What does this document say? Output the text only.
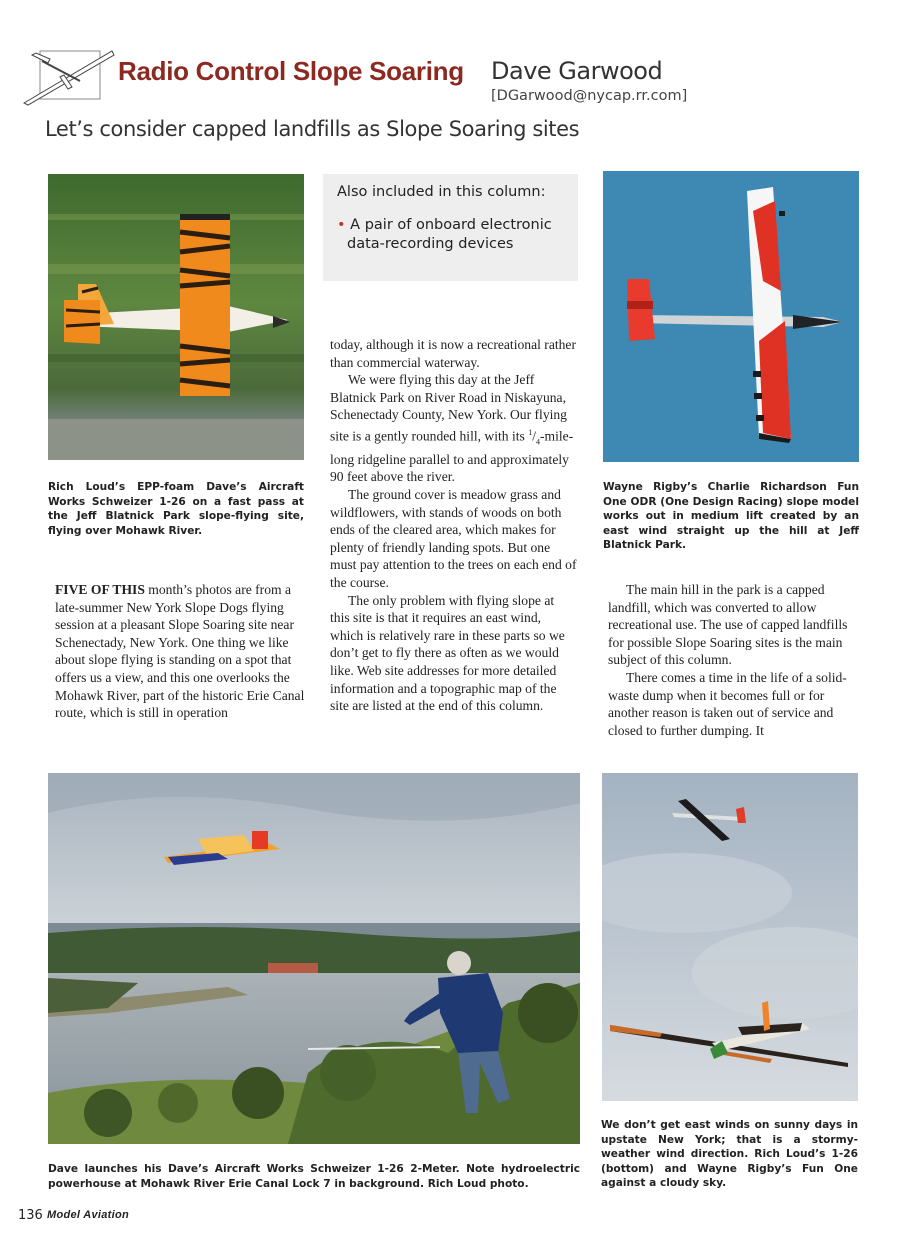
Radio Control Slope Soaring Dave Garwood
[DGarwood@nycap.rr.com]
Let’s consider capped landfills as Slope Soaring sites
Also included in this column:
• A pair of onboard electronic data-recording devices
Rich Loud’s EPP-foam Dave’s Aircraft Works Schweizer 1-26 on a fast pass at the Jeff Blatnick Park slope-flying site, flying over Mohawk River.
Wayne Rigby’s Charlie Richardson Fun One ODR (One Design Racing) slope model works out in medium lift created by an east wind straight up the hill at Jeff Blatnick Park.

FIVE OF THIS month’s photos are from a late-summer New York Slope Dogs flying session at a pleasant Slope Soaring site near Schenectady, New York. One thing we like about slope flying is standing on a spot that offers us a view, and this one overlooks the Mohawk River, part of the historic Erie Canal route, which is still in operation

today, although it is now a recreational rather than commercial waterway.

We were flying this day at the Jeff Blatnick Park on River Road in Niskayuna, Schenectady County, New York. Our flying site is a gently rounded hill, with its $^1/_4-mile$-long ridgeline parallel to and approximately 90 feet above the river.

The ground cover is meadow grass and wildflowers, with stands of woods on both ends of the cleared area, which makes for plenty of friendly landing spots. But one must pay attention to the trees on each end of the course.

The only problem with flying slope at this site is that it requires an east wind, which is relatively rare in these parts so we don’t get to fly there as often as we would like. Web site addresses for more detailed information and a topographic map of the site are listed at the end of this column.

The main hill in the park is a capped landfill, which was converted to allow recreational use. The use of capped landfills for possible Slope Soaring sites is the main subject of this column.

There comes a time in the life of a solid-waste dump when it becomes full or for another reason is taken out of service and closed to further dumping. It

Dave launches his Dave’s Aircraft Works Schweizer 1-26 2-Meter. Note hydroelectric powerhouse at Mohawk River Erie Canal Lock 7 in background. Rich Loud photo.
We don’t get east winds on sunny days in upstate New York; that is a stormy-weather wind direction. Rich Loud’s 1-26 (bottom) and Wayne Rigby’s Fun One against a cloudy sky.
136 Model Aviation
